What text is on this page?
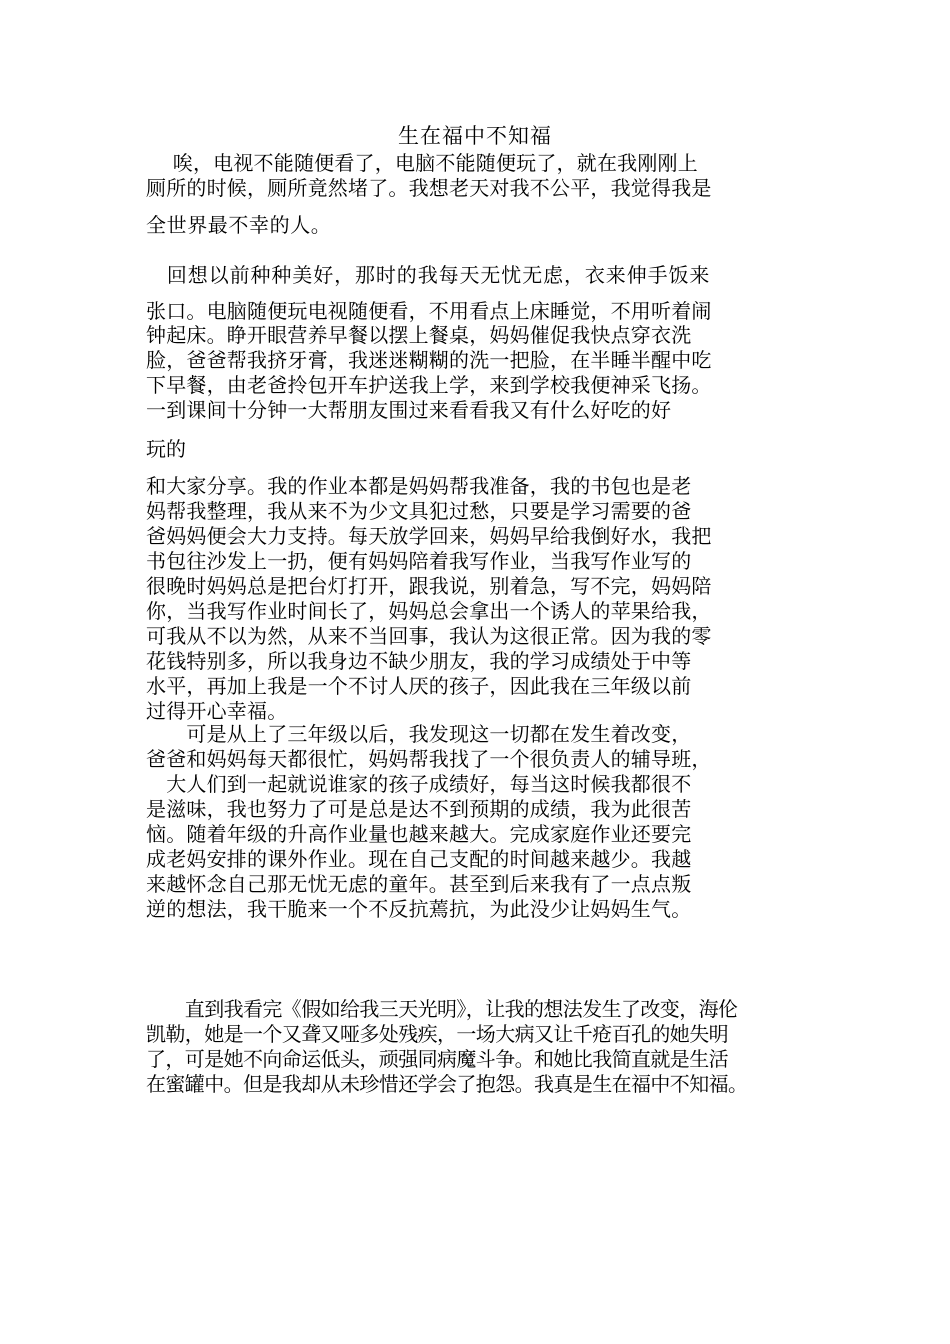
生在福中不知福
　 唉，电视不能随便看了，电脑不能随便玩了，就在我刚刚上
厕所的时候，厕所竟然堵了。我想老天对我不公平，我觉得我是
全世界最不幸的人。
　回想以前种种美好，那时的我每天无忧无虑，衣来伸手饭来
张口。电脑随便玩电视随便看，不用看点上床睡觉，不用听着闹
钟起床。睁开眼营养早餐以摆上餐桌，妈妈催促我快点穿衣洗
脸，爸爸帮我挤牙膏，我迷迷糊糊的洗一把脸，在半睡半醒中吃
下早餐，由老爸拎包开车护送我上学，来到学校我便神采飞扬。
一到课间十分钟一大帮朋友围过来看看我又有什么好吃的好
玩的
和大家分享。我的作业本都是妈妈帮我准备，我的书包也是老
妈帮我整理，我从来不为少文具犯过愁，只要是学习需要的爸
爸妈妈便会大力支持。每天放学回来，妈妈早给我倒好水，我把
书包往沙发上一扔，便有妈妈陪着我写作业，当我写作业写的
很晚时妈妈总是把台灯打开，跟我说，别着急，写不完，妈妈陪
你，当我写作业时间长了，妈妈总会拿出一个诱人的苹果给我，
可我从不以为然，从来不当回事，我认为这很正常。因为我的零
花钱特别多，所以我身边不缺少朋友，我的学习成绩处于中等
水平，再加上我是一个不讨人厌的孩子，因此我在三年级以前
过得开心幸福。
　　可是从上了三年级以后，我发现这一切都在发生着改变，
爸爸和妈妈每天都很忙，妈妈帮我找了一个很负责人的辅导班，
　大人们到一起就说谁家的孩子成绩好，每当这时候我都很不
是滋味，我也努力了可是总是达不到预期的成绩，我为此很苦
恼。随着年级的升高作业量也越来越大。完成家庭作业还要完
成老妈安排的课外作业。现在自己支配的时间越来越少。我越
来越怀念自己那无忧无虑的童年。甚至到后来我有了一点点叛
逆的想法，我干脆来一个不反抗蔫抗，为此没少让妈妈生气。
　　直到我看完《假如给我三天光明》，让我的想法发生了改变，海伦
凯勒，她是一个又聋又哑多处残疾，一场大病又让千疮百孔的她失明
了，可是她不向命运低头，顽强同病魔斗争。和她比我简直就是生活
在蜜罐中。但是我却从未珍惜还学会了抱怨。我真是生在福中不知福。
